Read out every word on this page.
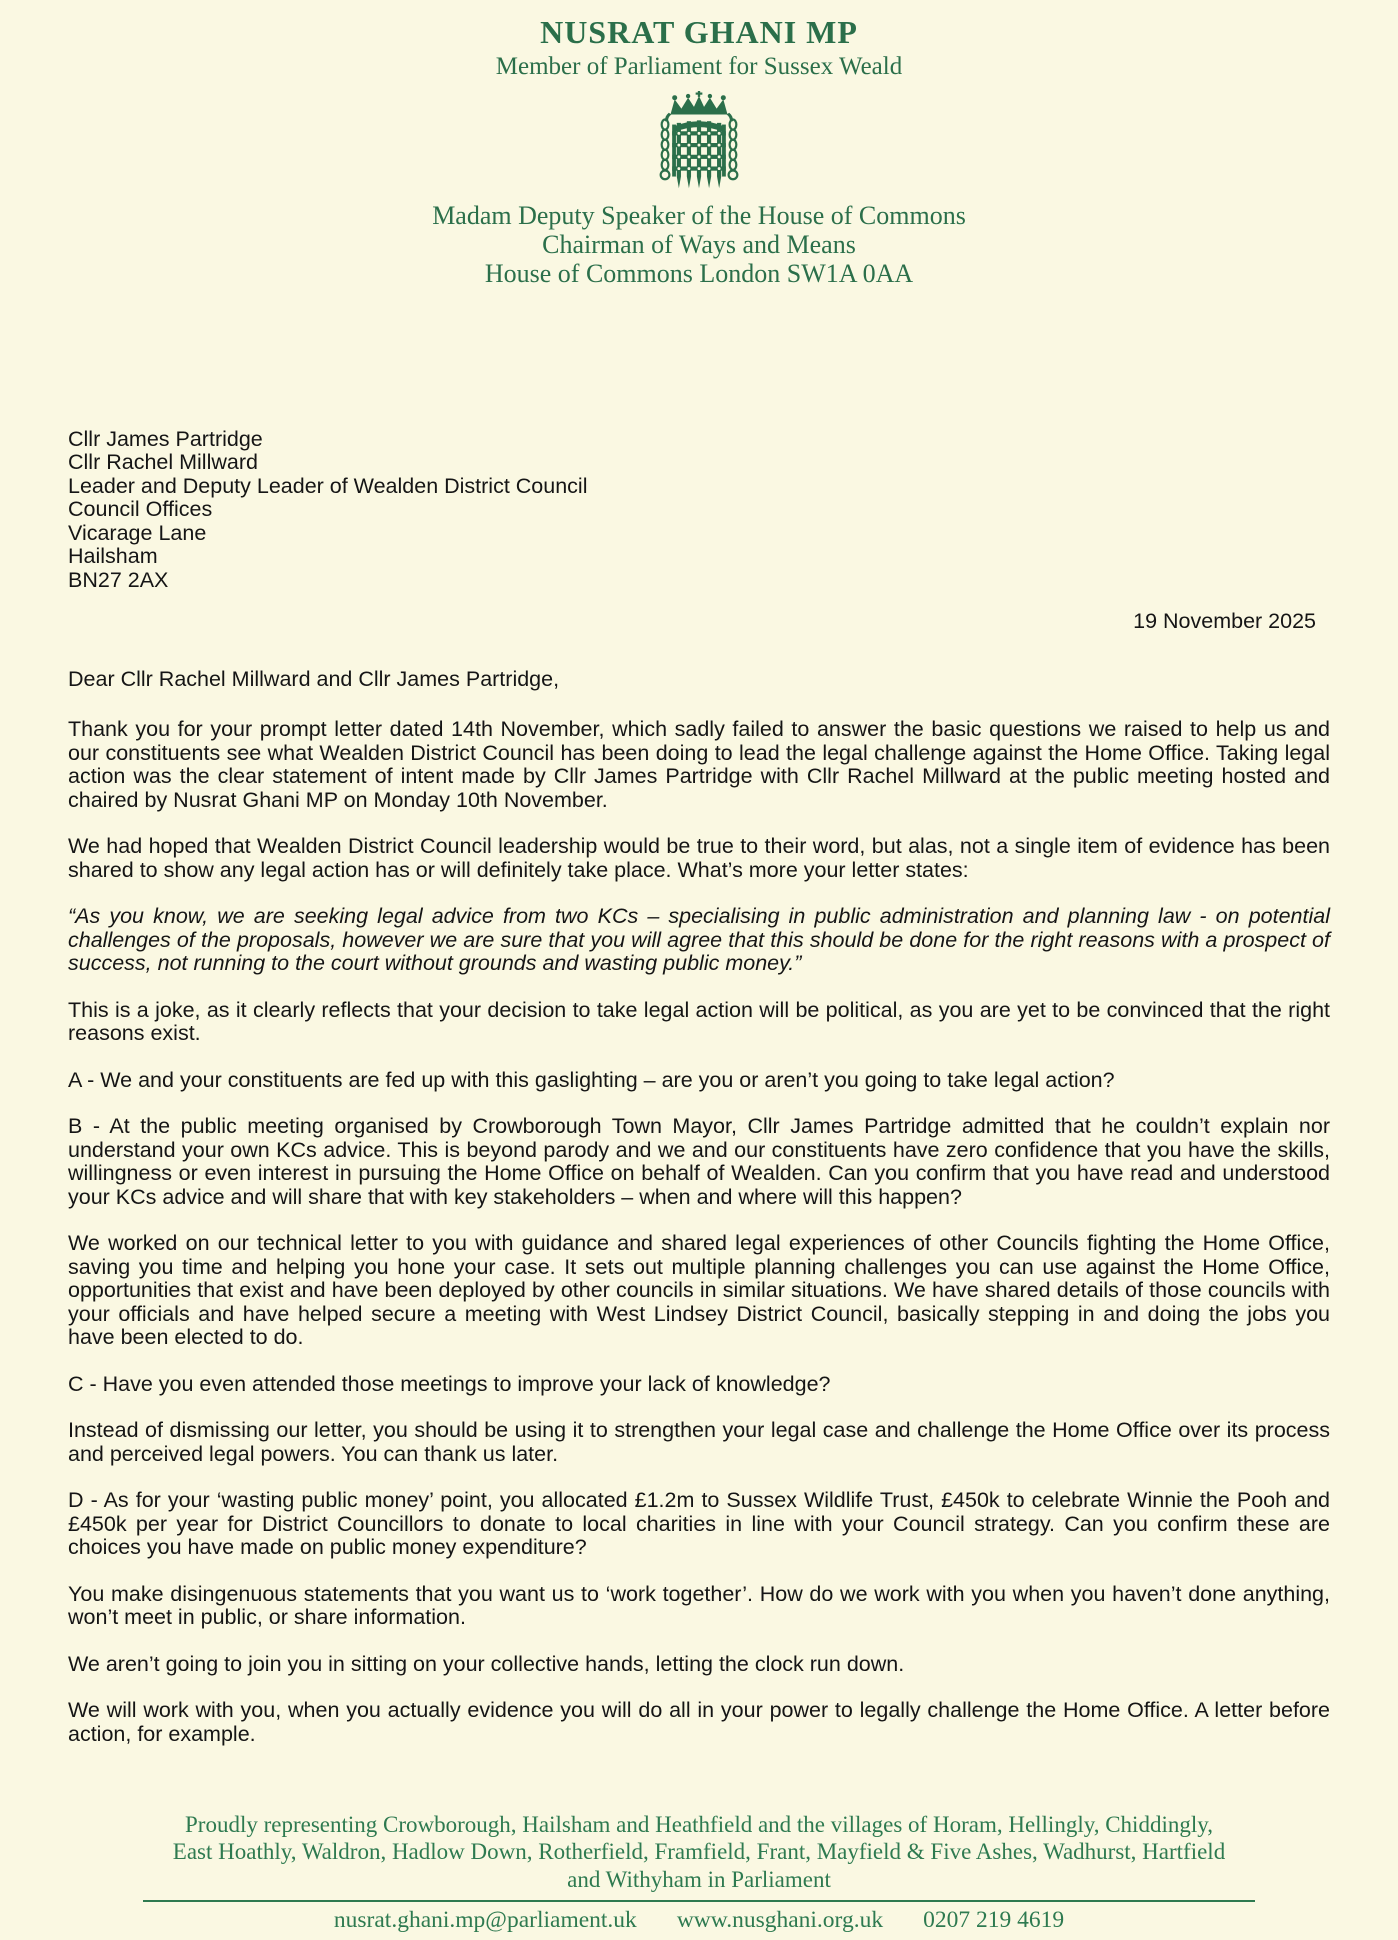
NUSRAT GHANI MP
Member of Parliament for Sussex Weald
Madam Deputy Speaker of the House of Commons
Chairman of Ways and Means
House of Commons London SW1A 0AA
Cllr James Partridge
Cllr Rachel Millward
Leader and Deputy Leader of Wealden District Council
Council Offices
Vicarage Lane
Hailsham
BN27 2AX
19 November 2025
Dear Cllr Rachel Millward and Cllr James Partridge,

Thank you for your prompt letter dated 14th November, which sadly failed to answer the basic questions we raised to help us and our constituents see what Wealden District Council has been doing to lead the legal challenge against the Home Office. Taking legal action was the clear statement of intent made by Cllr James Partridge with Cllr Rachel Millward at the public meeting hosted and chaired by Nusrat Ghani MP on Monday 10th November.

We had hoped that Wealden District Council leadership would be true to their word, but alas, not a single item of evidence has been shared to show any legal action has or will definitely take place. What’s more your letter states:

“As you know, we are seeking legal advice from two KCs – specialising in public administration and planning law - on potential challenges of the proposals, however we are sure that you will agree that this should be done for the right reasons with a prospect of success, not running to the court without grounds and wasting public money.”

This is a joke, as it clearly reflects that your decision to take legal action will be political, as you are yet to be convinced that the right reasons exist.

A - We and your constituents are fed up with this gaslighting – are you or aren’t you going to take legal action?

B - At the public meeting organised by Crowborough Town Mayor, Cllr James Partridge admitted that he couldn’t explain nor understand your own KCs advice. This is beyond parody and we and our constituents have zero confidence that you have the skills, willingness or even interest in pursuing the Home Office on behalf of Wealden. Can you confirm that you have read and understood your KCs advice and will share that with key stakeholders – when and where will this happen?

We worked on our technical letter to you with guidance and shared legal experiences of other Councils fighting the Home Office, saving you time and helping you hone your case. It sets out multiple planning challenges you can use against the Home Office, opportunities that exist and have been deployed by other councils in similar situations. We have shared details of those councils with your officials and have helped secure a meeting with West Lindsey District Council, basically stepping in and doing the jobs you have been elected to do.

C - Have you even attended those meetings to improve your lack of knowledge?

Instead of dismissing our letter, you should be using it to strengthen your legal case and challenge the Home Office over its process and perceived legal powers. You can thank us later.

D - As for your ‘wasting public money’ point, you allocated £1.2m to Sussex Wildlife Trust, £450k to celebrate Winnie the Pooh and £450k per year for District Councillors to donate to local charities in line with your Council strategy. Can you confirm these are choices you have made on public money expenditure?

You make disingenuous statements that you want us to ‘work together’. How do we work with you when you haven’t done anything, won’t meet in public, or share information.

We aren’t going to join you in sitting on your collective hands, letting the clock run down.

We will work with you, when you actually evidence you will do all in your power to legally challenge the Home Office. A letter before action, for example.

Proudly representing Crowborough, Hailsham and Heathfield and the villages of Horam, Hellingly, Chiddingly,
East Hoathly, Waldron, Hadlow Down, Rotherfield, Framfield, Frant, Mayfield & Five Ashes, Wadhurst, Hartfield
and Withyham in Parliament
nusrat.ghani.mp@parliament.uk www.nusghani.org.uk 0207 219 4619
